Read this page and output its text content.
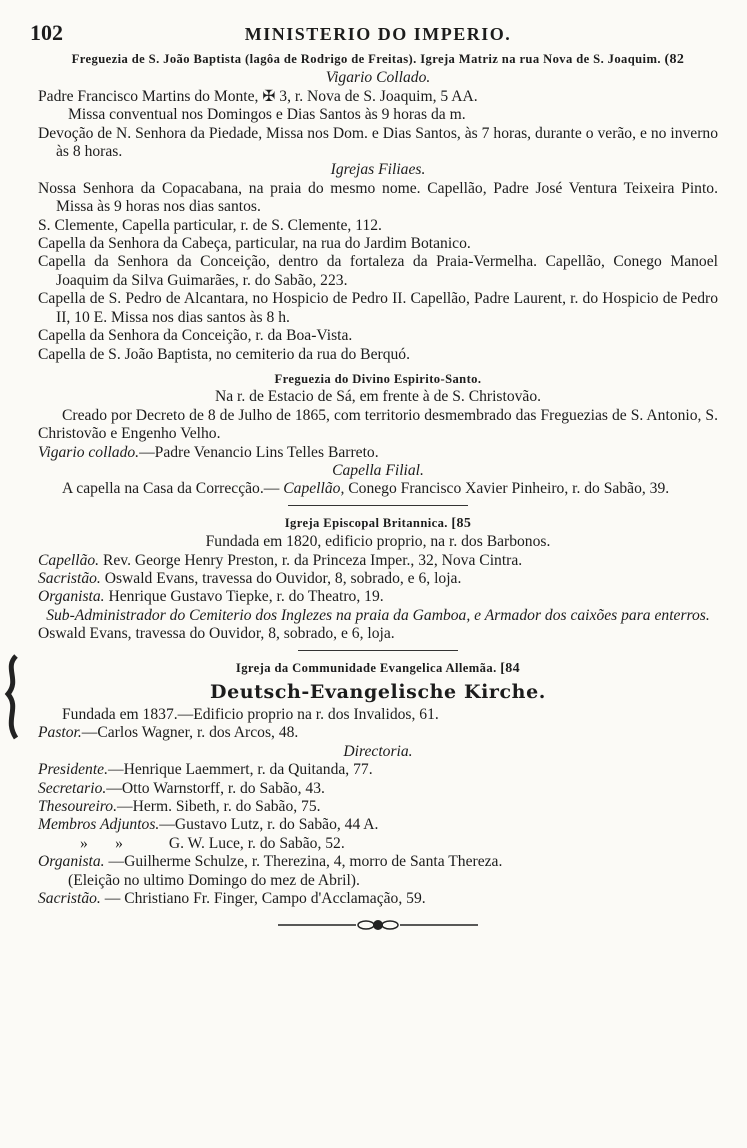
102	MINISTERIO DO IMPERIO.

Freguezia de S. João Baptista (lagôa de Rodrigo de Freitas). Igreja Matriz na rua Nova de S. Joaquim. (82

Vigario Collado.

Padre Francisco Martins do Monte, ✠ 3, r. Nova de S. Joaquim, 5 AA.

Missa conventual nos Domingos e Dias Santos às 9 horas da m.

Devoção de N. Senhora da Piedade, Missa nos Dom. e Dias Santos, às 7 horas, durante o verão, e no inverno às 8 horas.

Igrejas Filiaes.

Nossa Senhora da Copacabana, na praia do mesmo nome. Capellão, Padre José Ventura Teixeira Pinto. Missa às 9 horas nos dias santos.

S. Clemente, Capella particular, r. de S. Clemente, 112.

Capella da Senhora da Cabeça, particular, na rua do Jardim Botanico.

Capella da Senhora da Conceição, dentro da fortaleza da Praia-Vermelha. Capellão, Conego Manoel Joaquim da Silva Guimarães, r. do Sabão, 223.

Capella de S. Pedro de Alcantara, no Hospicio de Pedro II. Capellão, Padre Laurent, r. do Hospicio de Pedro II, 10 E. Missa nos dias santos às 8 h.

Capella da Senhora da Conceição, r. da Boa-Vista.

Capella de S. João Baptista, no cemiterio da rua do Berquó.

Freguezia do Divino Espirito-Santo.

Na r. de Estacio de Sá, em frente à de S. Christovão.

Creado por Decreto de 8 de Julho de 1865, com territorio desmembrado das Freguezias de S. Antonio, S. Christovão e Engenho Velho.

Vigario collado.—Padre Venancio Lins Telles Barreto.

Capella Filial.

A capella na Casa da Correcção.— Capellão, Conego Francisco Xavier Pinheiro, r. do Sabão, 39.

Igreja Episcopal Britannica. [85

Fundada em 1820, edificio proprio, na r. dos Barbonos.

Capellão. Rev. George Henry Preston, r. da Princeza Imper., 32, Nova Cintra.

Sacristão. Oswald Evans, travessa do Ouvidor, 8, sobrado, e 6, loja.

Organista. Henrique Gustavo Tiepke, r. do Theatro, 19.

Sub-Administrador do Cemiterio dos Inglezes na praia da Gamboa, e Armador dos caixões para enterros.

Oswald Evans, travessa do Ouvidor, 8, sobrado, e 6, loja.

Igreja da Communidade Evangelica Allemãa. [84

Deutsch-Evangelische Kirche.

Fundada em 1837.—Edificio proprio na r. dos Invalidos, 61.

Pastor.—Carlos Wagner, r. dos Arcos, 48.

Directoria.

Presidente.—Henrique Laemmert, r. da Quitanda, 77.

Secretario.—Otto Warnstorff, r. do Sabão, 43.

Thesoureiro.—Herm. Sibeth, r. do Sabão, 75.

Membros Adjuntos.—Gustavo Lutz, r. do Sabão, 44 A.

»       »	G. W. Luce, r. do Sabão, 52.

Organista. —Guilherme Schulze, r. Therezina, 4, morro de Santa Thereza.

(Eleição no ultimo Domingo do mez de Abril).

Sacristão. — Christiano Fr. Finger, Campo d'Acclamação, 59.
